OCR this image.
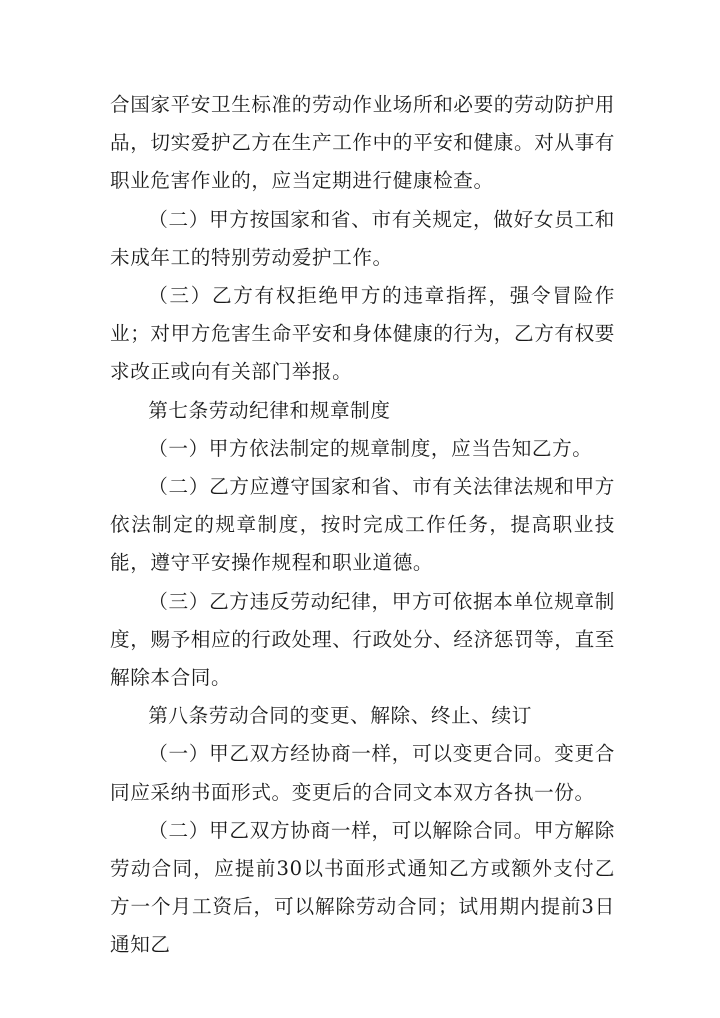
合国家平安卫生标准的劳动作业场所和必要的劳动防护用品，切实爱护乙方在生产工作中的平安和健康。对从事有职业危害作业的，应当定期进行健康检查。

（二）甲方按国家和省、市有关规定，做好女员工和未成年工的特别劳动爱护工作。

（三）乙方有权拒绝甲方的违章指挥，强令冒险作业；对甲方危害生命平安和身体健康的行为，乙方有权要求改正或向有关部门举报。

第七条劳动纪律和规章制度

（一）甲方依法制定的规章制度，应当告知乙方。

（二）乙方应遵守国家和省、市有关法律法规和甲方依法制定的规章制度，按时完成工作任务，提高职业技能，遵守平安操作规程和职业道德。

（三）乙方违反劳动纪律，甲方可依据本单位规章制度，赐予相应的行政处理、行政处分、经济惩罚等，直至解除本合同。

第八条劳动合同的变更、解除、终止、续订

（一）甲乙双方经协商一样，可以变更合同。变更合同应采纳书面形式。变更后的合同文本双方各执一份。

（二）甲乙双方协商一样，可以解除合同。甲方解除劳动合同，应提前30以书面形式通知乙方或额外支付乙方一个月工资后，可以解除劳动合同；试用期内提前3日通知乙
